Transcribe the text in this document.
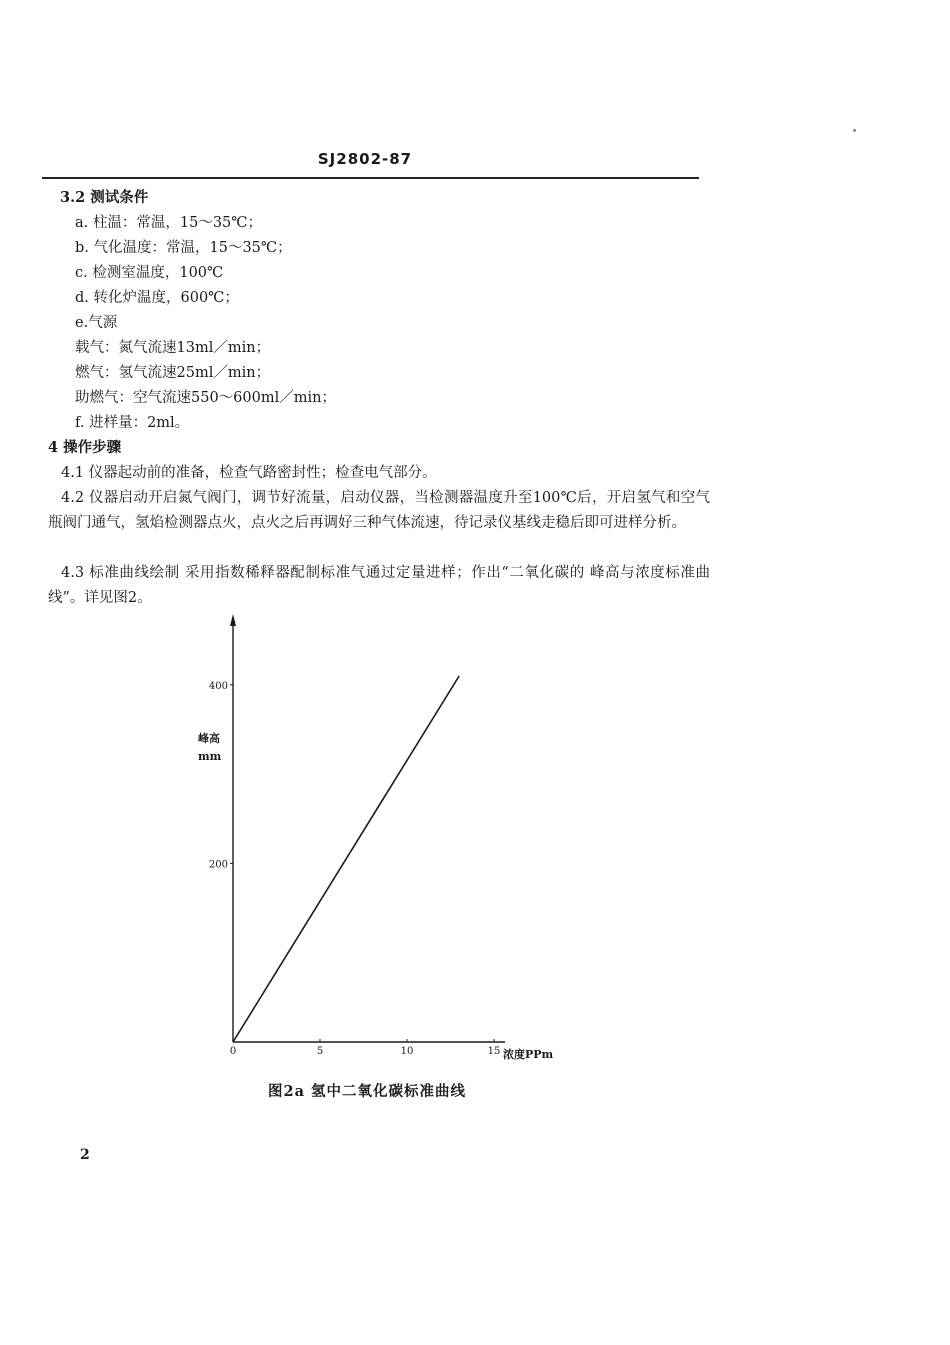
SJ2802-87
3.2 测试条件
a. 柱温：常温，15～35℃；
b. 气化温度：常温，15～35℃；
c. 检测室温度，100℃
d. 转化炉温度，600℃；
e.气源
载气：氮气流速13ml／min；
燃气：氢气流速25ml／min；
助燃气：空气流速550～600ml／min；
f. 进样量：2ml。
4 操作步骤
4.1 仪器起动前的准备，检查气路密封性；检查电气部分。
4.2 仪器启动开启氮气阀门，调节好流量，启动仪器，当检测器温度升至100℃后，开启氢气和空气瓶阀门通气，氢焰检测器点火，点火之后再调好三种气体流速，待记录仪基线走稳后即可进样分析。
4.3 标准曲线绘制 采用指数稀释器配制标准气通过定量进样；作出“二氧化碳的 峰高与浓度标准曲线”。详见图2。
0	5	10	15
200
400
浓度PPm
峰高
mm
图2a 氢中二氧化碳标准曲线
2
